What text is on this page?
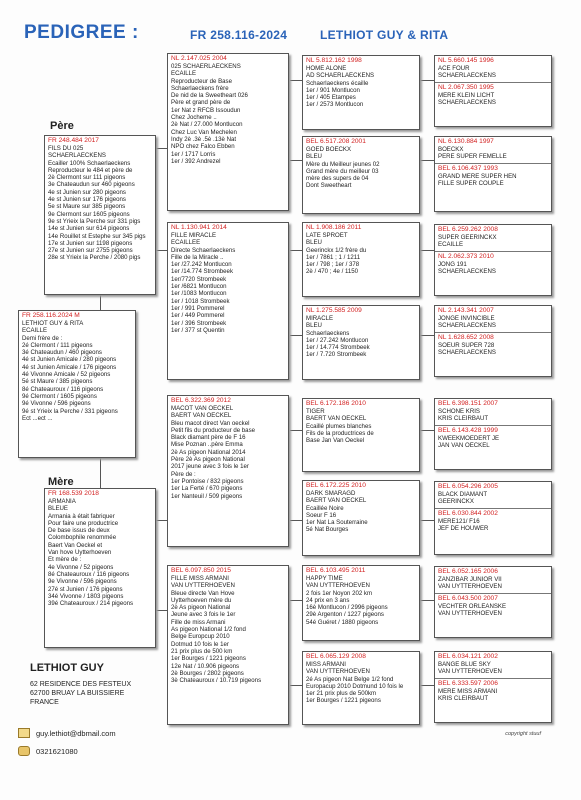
PEDIGREE :	FR 258.116-2024	LETHIOT GUY & RITA
Père
Mère
FR 248.484 2017
FILS DU 025
SCHAERLAECKENS
Ecailler 100% Schaerlaeckens
Reproducteur le 484 et père de
2è Clermont sur 111 pigeons
3e Chateaudun sur 460 pigeons
4e st Junien sur 280 pigeons
4e st Junien sur 176 pigeons
5e st Maure sur 385 pigeons
9e Clermont sur 1605 pigeons
9e st Yrieix la Perche sur 331 pigs
14e st Junien sur 614 pigeons
14e Rouillet st Estephe sur 345 pigs
17e st Junien sur 1198 pigeons
27e st Junien sur 2755 pigeons
28e st Yrieix la Perche / 2080 pigs
FR 258.116.2024 M
LETHIOT GUY & RITA
ECAILLE
Demi frère de :
2é Clermont / 111 pigeons
3é Chateaudun / 460 pigeons
4é st Junien Amicale / 280 pigeons
4é st Junien Amicale / 176 pigeons
4é Vivonne Amicale / 52 pigeons
5é st Maure / 385 pigeons
8é Chateauroux / 116 pigeons
9é Clermont / 1605 pigeons
9é Vivonne / 596 pigeons
9é st Yrieix la Perche / 331 pigeons
Ect ...ect ...
FR 168.539 2018
ARMANIA
BLEUE
Armania à était fabriquer
Pour faire une productrice
De base issus de deux
Colombophile renommée
Baert Van Oeckel et
Van hove Uytterhoeven
Et mère de :
4e Vivonne / 52 pigeons
8é Chateauroux / 116 pigeons
9e Vivonne / 596 pigeons
27é st Junien / 176 pigeons
34é Vivonne / 1803 pigeons
39é Chateauroux / 214 pigeons
NL 2.147.025 2004
025 SCHAERLAECKENS
ECAILLE
Reproducteur de Base
Schaerlaeckens frère
De nid de la Sweetheart 026
Père et grand père de
1er Nat z RFCB Issoudun
Chez Jocheme ..
2è Nat / 27.000 Montlucon
Chez Luc Van Mechelen
Indy 2è .3è .5è .13è Nat
NPO chez Falco Ebben
1er / 1717 Lorris
1er / 392 Andrezel
NL 1.130.941 2014
FILLE MIRACLE
ECAILLEE
Directe Schaerlaeckens
Fille de la Miracle ..
1er /27.242 Montlucon
1er /14.774 Strombeek
1er/7720 Strombeek
1er /6821 Montlucon
1er /1083 Montlucon
1er / 1018 Strombeek
1er / 991 Pommerel
1er / 449 Pommerel
1er / 396 Strombeek
1er / 377 st Quentin
BEL 6.322.369 2012
MACOT VAN OECKEL
BAERT VAN OECKEL
Bleu macot direct Van oeckel
Petit fils du producteur de base
Black diamant père de F 16
Mise Poznan ..père Emma
2è As pigeon National 2014
Père 2è As pigeon National
2017 jeune avec 3 fois le 1er
Père de :
1er Pontoise / 832 pigeons
1er La Ferté / 670 pigeons
1er Nanteuil / 509 pigeons
BEL 6.097.850 2015
FILLE MISS ARMANI
VAN UYTTERHOEVEN
Bleue directe Van Hove
Uytterhoeven mère du
2è As pigeon National
Jeune avec 3 fois le 1er
Fille de miss Armani
As pigeon National 1/2 fond
Belge Europcup 2010
Dotmud 10 fois le 1er
21 prix plus de 500 km
1er Bourges / 1221 pigeons
12e Nat / 10.906 pigeons
2è Bourges / 2802 pigeons
3è Chateauroux / 10.719 pigeons
NL 5.812.162 1998
HOME ALONE
AD SCHAERLAECKENS
Schaerlaeckens écaille
1er / 901 Montlucon
1er / 405 Etampes
1er / 2573 Montlucon
BEL 6.517.208 2001
GOED BOECKX
BLEU
Mère du Meilleur jeunes 02
Grand mère du meilleur 03
mère des supers de 04
Dont Sweetheart
NL 1.908.186 2011
LATE SPROET
BLEU
Geerinckx 1/2 frère du
1er / 7861 ; 1 / 1211
1er / 798 ; 1er / 378
2è / 470 ; 4e / 1150
NL 1.275.585 2009
MIRACLE
BLEU
Schaerlaeckens
1er / 27.242 Montlucon
1er / 14.774 Strombeek
1er / 7.720 Strombeek
BEL 6.172.186 2010
TIGER
BAERT VAN OECKEL
Ecaillé plumes blanches
Fils de la productrices de
Base Jan Van Oeckel
BEL 6.172.225 2010
DARK SMARAGD
BAERT VAN OECKEL
Ecaillée Noire
Soeur F 16
1er Nat La Souterraine
5é Nat Bourges
BEL 6.103.495 2011
HAPPY TIME
VAN UYTTERHOEVEN
2 fois 1er Noyon 202 km
24 prix en 3 ans
16è Montlucon / 2996 pigeons
29è Argenton / 1227 pigeons
54é Guéret / 1880 pigeons
BEL 6.065.129 2008
MISS ARMANI
VAN UYTTERHOEVEN
2é As pigeon Nat Belge 1/2 fond
Europacup 2010 Dotmund 10 fois le
1er 21 prix plus de 500km
1er Bourges / 1221 pigeons
NL 5.660.145 1996
ACE FOUR
SCHAERLAECKENS
NL 2.067.350 1995
MERE KLEIN LICHT
SCHAERLAECKENS
NL 6.130.884 1997
BOECKX
PERE SUPER FEMELLE
BEL 6.106.437 1993
GRAND MERE SUPER HEN
FILLE SUPER COUPLE
BEL 6.259.262 2008
SUPER GEERINCKX
ECAILLE
NL 2.062.373 2010
JONG 191
SCHAERLAECKENS
NL 2.143.341 2007
JONGE INVINCIBLE
SCHAERLAECKENS
NL 1.628.652 2008
SOEUR SUPER 728
SCHAERLAECKENS
BEL 6.398.151 2007
SCHONE KRIS
KRIS CLEIRBAUT
BEL 6.143.428 1999
KWEEKMOEDERT JE
JAN VAN OECKEL
BEL 6.054.296 2005
BLACK DIAMANT
GEERINCKX
BEL 6.030.844 2002
MERE121/ F16
JEF DE HOUWER
BEL 6.052.165 2006
ZANZIBAR JUNIOR VII
VAN UYTTERHOEVEN
BEL 6.043.500 2007
VECHTER ORLEANSKE
VAN UYTTERHOEVEN
BEL 6.034.121 2002
BANGE BLUE SKY
VAN UYTTERHOEVEN
BEL 6.333.597 2006
MERE MISS ARMANI
KRIS CLEIRBAUT
LETHIOT GUY
62 RESIDENCE DES FESTEUX
62700 BRUAY LA BUISSIERE
FRANCE
guy.lethiot@dbmail.com
0321621080
copyright stuuf
